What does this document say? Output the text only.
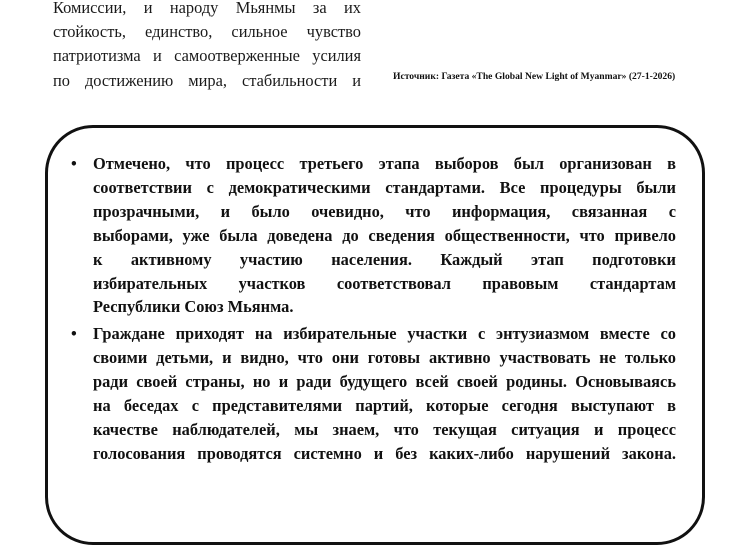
Комиссии, и народу Мьянмы за их
стойкость, единство, сильное чувство
патриотизма и самоотверженные усилия
по достижению мира, стабильности и	Источник: Газета «The Global New Light of Myanmar» (27-1-2026)
• Отмечено, что процесс третьего этапа выборов был организован в
соответствии с демократическими стандартами. Все процедуры были
прозрачными, и было очевидно, что информация, связанная с
выборами, уже была доведена до сведения общественности, что привело
к активному участию населения. Каждый этап подготовки
избирательных участков соответствовал правовым стандартам
Республики Союз Мьянма.
• Граждане приходят на избирательные участки с энтузиазмом вместе со
своими детьми, и видно, что они готовы активно участвовать не только
ради своей страны, но и ради будущего всей своей родины. Основываясь
на беседах с представителями партий, которые сегодня выступают в
качестве наблюдателей, мы знаем, что текущая ситуация и процесс
голосования проводятся системно и без каких-либо нарушений закона.
